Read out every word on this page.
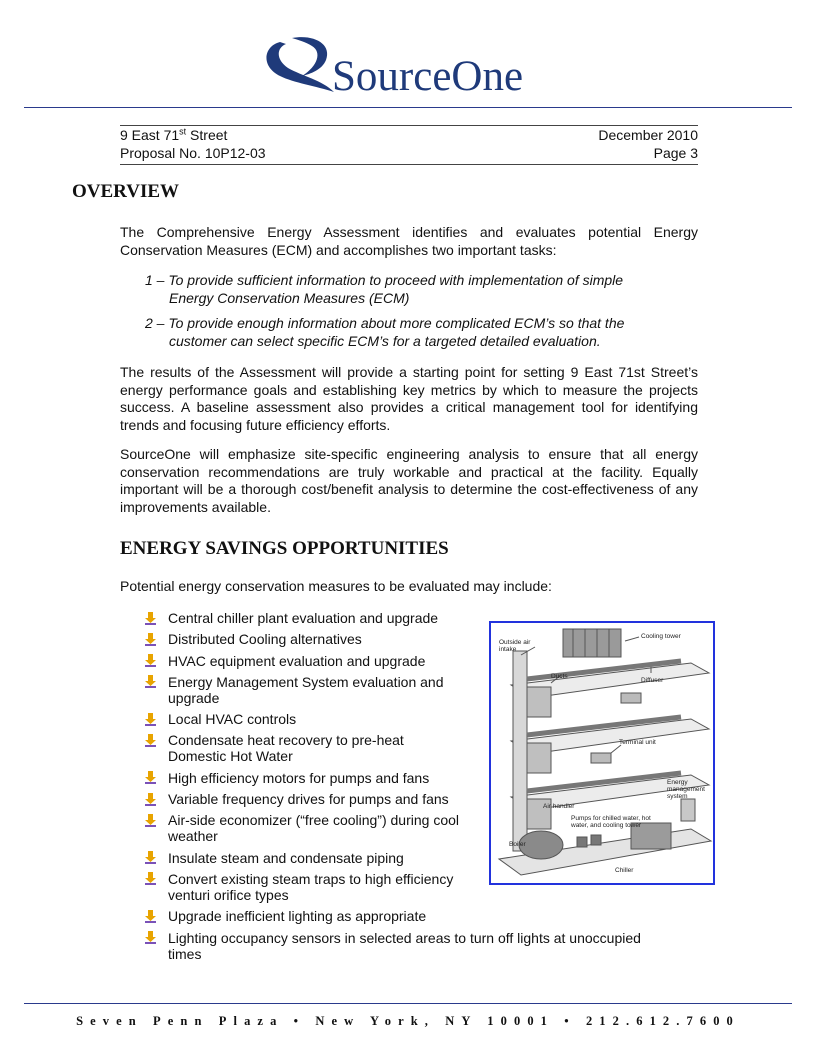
SourceOne
9 East 71st Street	December 2010
Proposal No. 10P12-03	Page 3
OVERVIEW

The Comprehensive Energy Assessment identifies and evaluates potential Energy Conservation Measures (ECM) and accomplishes two important tasks:

1 – To provide sufficient information to proceed with implementation of simple Energy Conservation Measures (ECM)

2 – To provide enough information about more complicated ECM’s so that the customer can select specific ECM’s for a targeted detailed evaluation.

The results of the Assessment will provide a starting point for setting 9 East 71st Street’s energy performance goals and establishing key metrics by which to measure the projects success. A baseline assessment also provides a critical management tool for identifying trends and focusing future efficiency efforts.

SourceOne will emphasize site-specific engineering analysis to ensure that all energy conservation recommendations are truly workable and practical at the facility. Equally important will be a thorough cost/benefit analysis to determine the cost-effectiveness of any improvements available.

ENERGY SAVINGS OPPORTUNITIES

Potential energy conservation measures to be evaluated may include:

Central chiller plant evaluation and upgrade
Distributed Cooling alternatives
HVAC equipment evaluation and upgrade
Energy Management System evaluation and upgrade
Local HVAC controls
Condensate heat recovery to pre-heat Domestic Hot Water
High efficiency motors for pumps and fans
Variable frequency drives for pumps and fans
Air-side economizer (“free cooling”) during cool weather
Insulate steam and condensate piping
Convert existing steam traps to high efficiency venturi orifice types
Upgrade inefficient lighting as appropriate
Lighting occupancy sensors in selected areas to turn off lights at unoccupied times
Outside air intake
Cooling tower
Ducts
Diffuser
Terminal unit
Energy management system
Air handler
Pumps for chilled water, hot water, and cooling tower
Boiler
Chiller
Seven Penn Plaza • New York, NY 10001 • 212.612.7600
